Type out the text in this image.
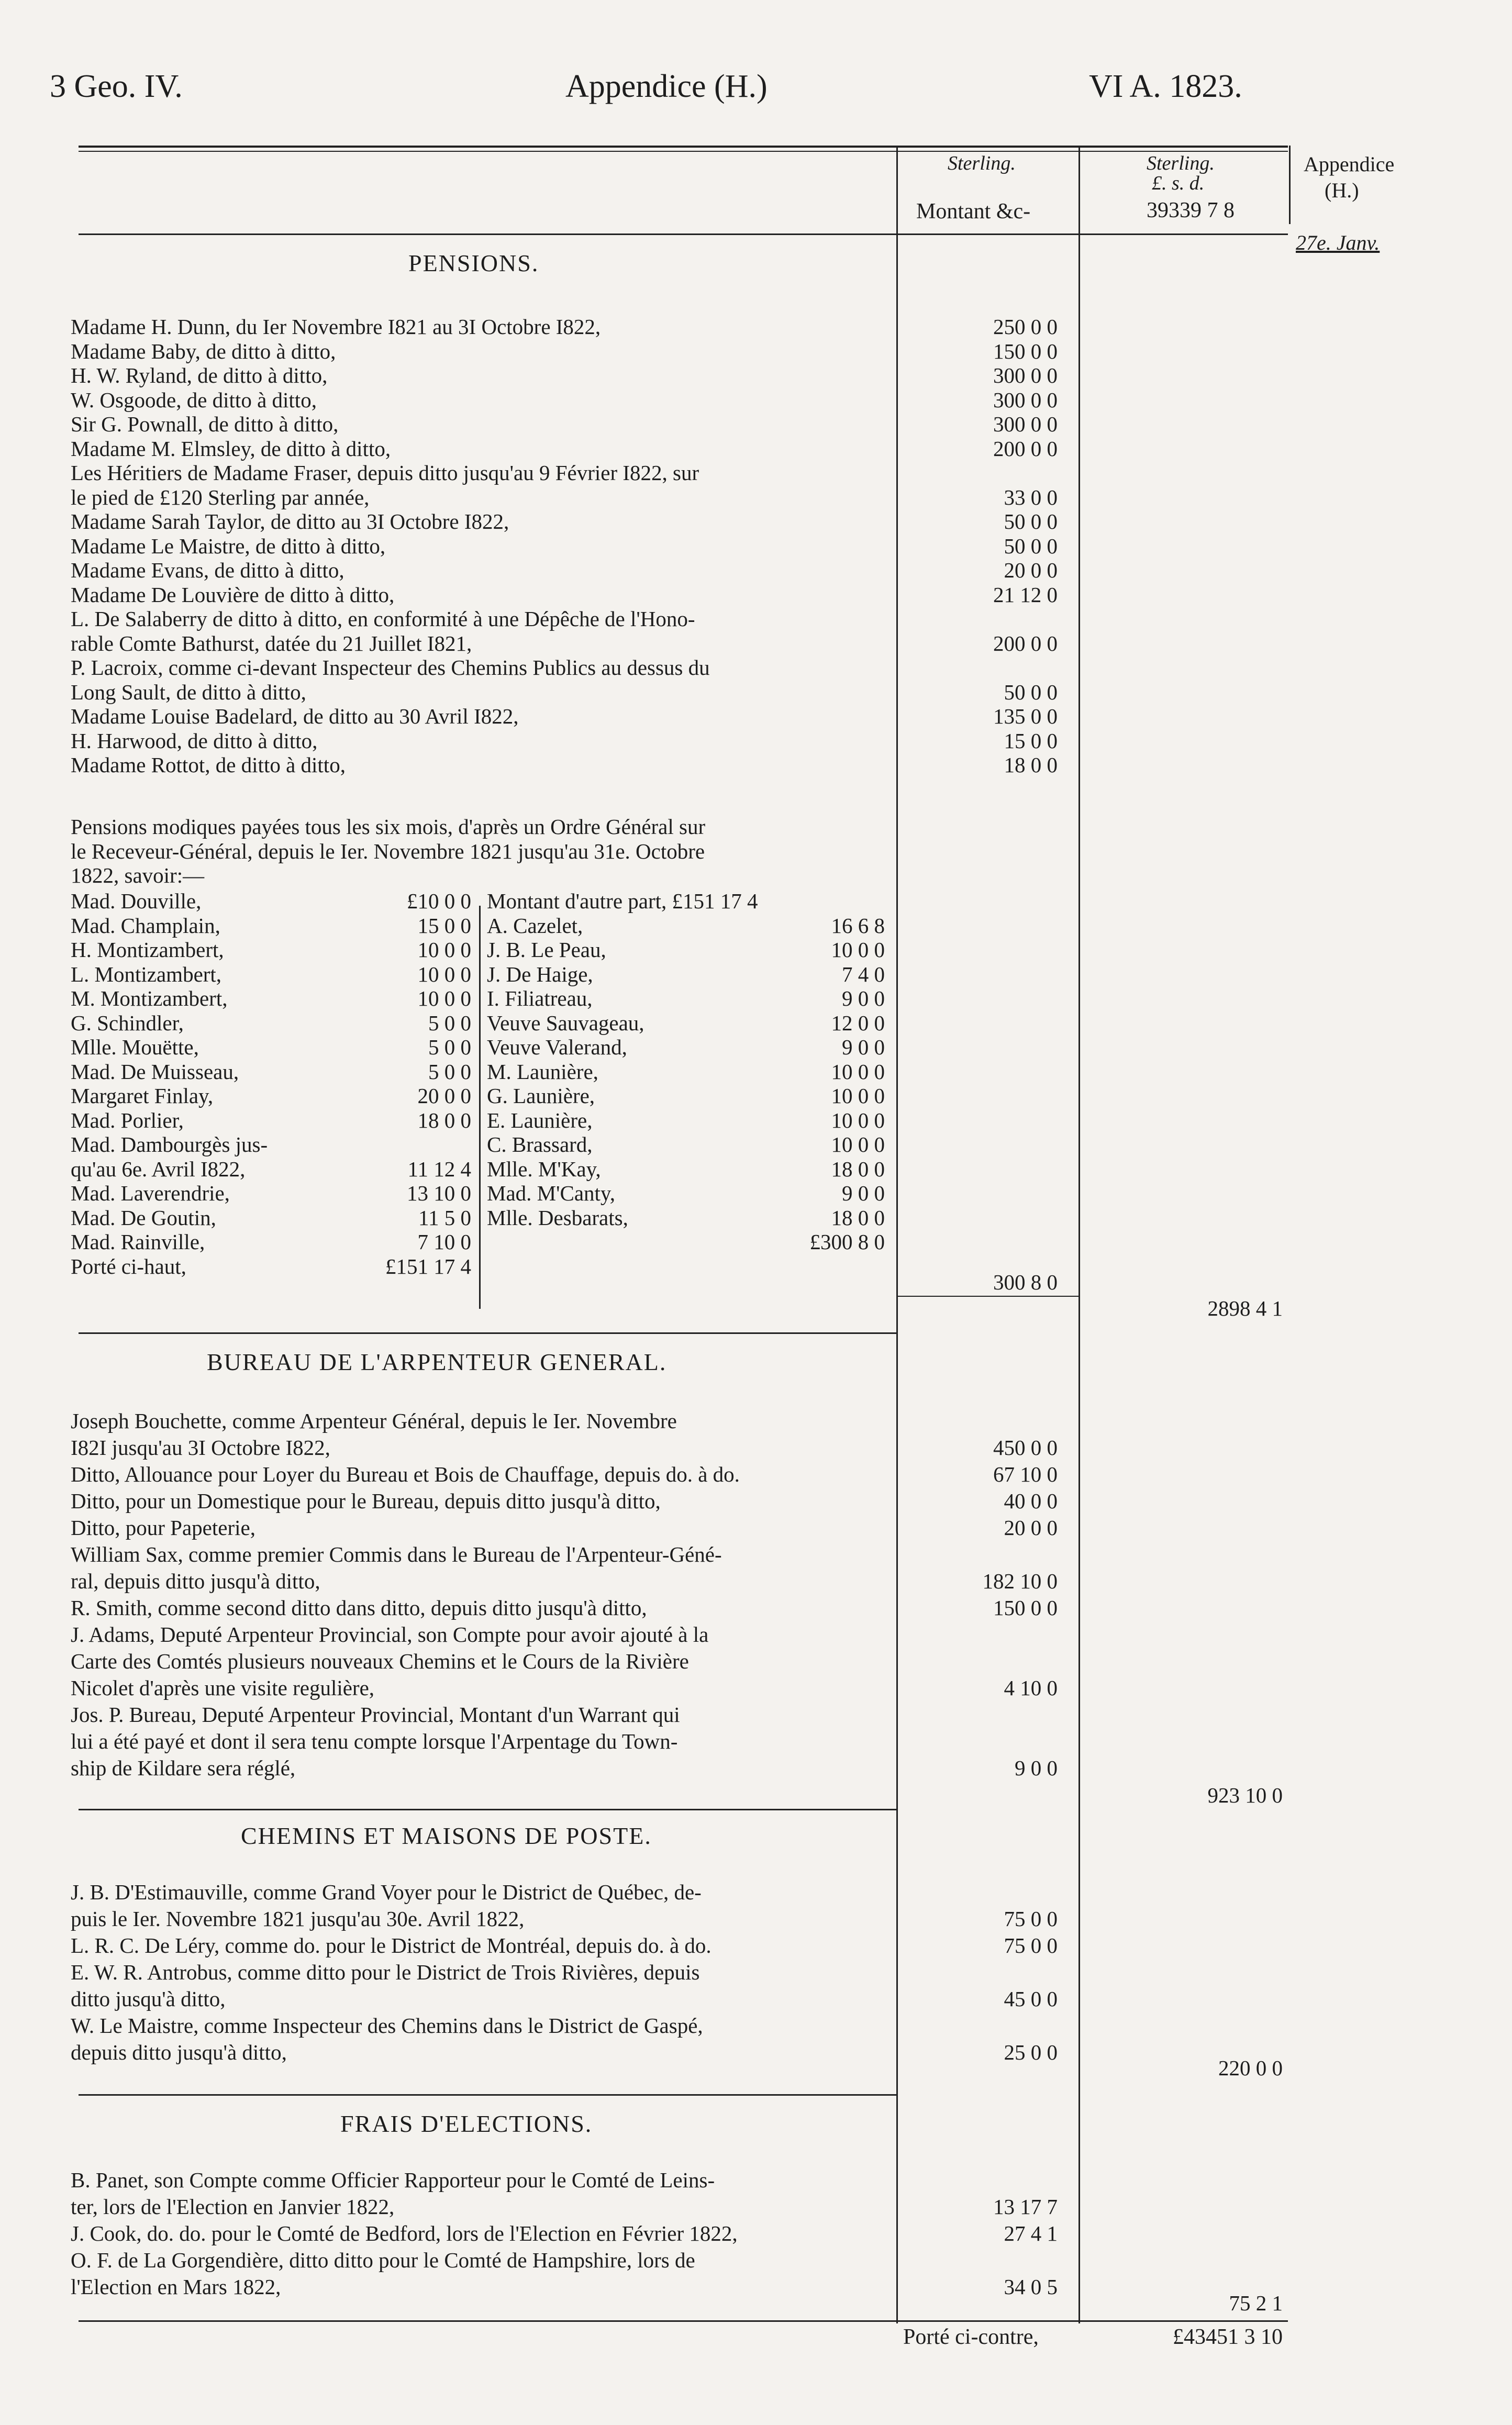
3 Geo. IV.	Appendice (H.)	VI A. 1823.
Appendice
(H.)
27e. Janv.
Sterling.
Montant &c-
Sterling.
£. s. d.
39339 7 8
PENSIONS.
Madame H. Dunn, du Ier Novembre I821 au 3I Octobre I822,	250 0 0
Madame Baby, de ditto à ditto,	150 0 0
H. W. Ryland, de ditto à ditto,	300 0 0
W. Osgoode, de ditto à ditto,	300 0 0
Sir G. Pownall, de ditto à ditto,	300 0 0
Madame M. Elmsley, de ditto à ditto,	200 0 0
Les Héritiers de Madame Fraser, depuis ditto jusqu'au 9 Février I822, sur
le pied de £120 Sterling par année,	33 0 0
Madame Sarah Taylor, de ditto au 3I Octobre I822,	50 0 0
Madame Le Maistre, de ditto à ditto,	50 0 0
Madame Evans, de ditto à ditto,	20 0 0
Madame De Louvière de ditto à ditto,	21 12 0
L. De Salaberry de ditto à ditto, en conformité à une Dépêche de l'Hono-
rable Comte Bathurst, datée du 21 Juillet I821,	200 0 0
P. Lacroix, comme ci-devant Inspecteur des Chemins Publics au dessus du
Long Sault, de ditto à ditto,	50 0 0
Madame Louise Badelard, de ditto au 30 Avril I822,	135 0 0
H. Harwood, de ditto à ditto,	15 0 0
Madame Rottot, de ditto à ditto,	18 0 0
Pensions modiques payées tous les six mois, d'après un Ordre Général sur
le Receveur-Général, depuis le Ier. Novembre 1821 jusqu'au 31e. Octobre
1822, savoir:—
Mad. Douville,	£10 0 0
Mad. Champlain,	15 0 0
H. Montizambert,	10 0 0
L. Montizambert,	10 0 0
M. Montizambert,	10 0 0
G. Schindler,	5 0 0
Mlle. Mouëtte,	5 0 0
Mad. De Muisseau,	5 0 0
Margaret Finlay,	20 0 0
Mad. Porlier,	18 0 0
Mad. Dambourgès jus-
qu'au 6e. Avril I822,	11 12 4
Mad. Laverendrie,	13 10 0
Mad. De Goutin,	11 5 0
Mad. Rainville,	7 10 0
Porté ci-haut,	£151 17 4
Montant d'autre part, £151 17 4
A. Cazelet,	16 6 8
J. B. Le Peau,	10 0 0
J. De Haige,	7 4 0
I. Filiatreau,	9 0 0
Veuve Sauvageau,	12 0 0
Veuve Valerand,	9 0 0
M. Launière,	10 0 0
G. Launière,	10 0 0
E. Launière,	10 0 0
C. Brassard,	10 0 0
Mlle. M'Kay,	18 0 0
Mad. M'Canty,	9 0 0
Mlle. Desbarats,	18 0 0
£300 8 0
300 8 0
2898 4 1
BUREAU DE L'ARPENTEUR GENERAL.
Joseph Bouchette, comme Arpenteur Général, depuis le Ier. Novembre
I82I jusqu'au 3I Octobre I822,	450 0 0
Ditto, Allouance pour Loyer du Bureau et Bois de Chauffage, depuis do. à do.	67 10 0
Ditto, pour un Domestique pour le Bureau, depuis ditto jusqu'à ditto,	40 0 0
Ditto, pour Papeterie,	20 0 0
William Sax, comme premier Commis dans le Bureau de l'Arpenteur-Géné-
ral, depuis ditto jusqu'à ditto,	182 10 0
R. Smith, comme second ditto dans ditto, depuis ditto jusqu'à ditto,	150 0 0
J. Adams, Deputé Arpenteur Provincial, son Compte pour avoir ajouté à la
Carte des Comtés plusieurs nouveaux Chemins et le Cours de la Rivière
Nicolet d'après une visite regulière,	4 10 0
Jos. P. Bureau, Deputé Arpenteur Provincial, Montant d'un Warrant qui
lui a été payé et dont il sera tenu compte lorsque l'Arpentage du Town-
ship de Kildare sera réglé,	9 0 0
923 10 0
CHEMINS ET MAISONS DE POSTE.
J. B. D'Estimauville, comme Grand Voyer pour le District de Québec, de-
puis le Ier. Novembre 1821 jusqu'au 30e. Avril 1822,	75 0 0
L. R. C. De Léry, comme do. pour le District de Montréal, depuis do. à do.	75 0 0
E. W. R. Antrobus, comme ditto pour le District de Trois Rivières, depuis
ditto jusqu'à ditto,	45 0 0
W. Le Maistre, comme Inspecteur des Chemins dans le District de Gaspé,
depuis ditto jusqu'à ditto,	25 0 0
220 0 0
FRAIS D'ELECTIONS.
B. Panet, son Compte comme Officier Rapporteur pour le Comté de Leins-
ter, lors de l'Election en Janvier 1822,	13 17 7
J. Cook, do. do. pour le Comté de Bedford, lors de l'Election en Février 1822,	27 4 1
O. F. de La Gorgendière, ditto ditto pour le Comté de Hampshire, lors de
l'Election en Mars 1822,	34 0 5
75 2 1
Porté ci-contre,	£43451 3 10
